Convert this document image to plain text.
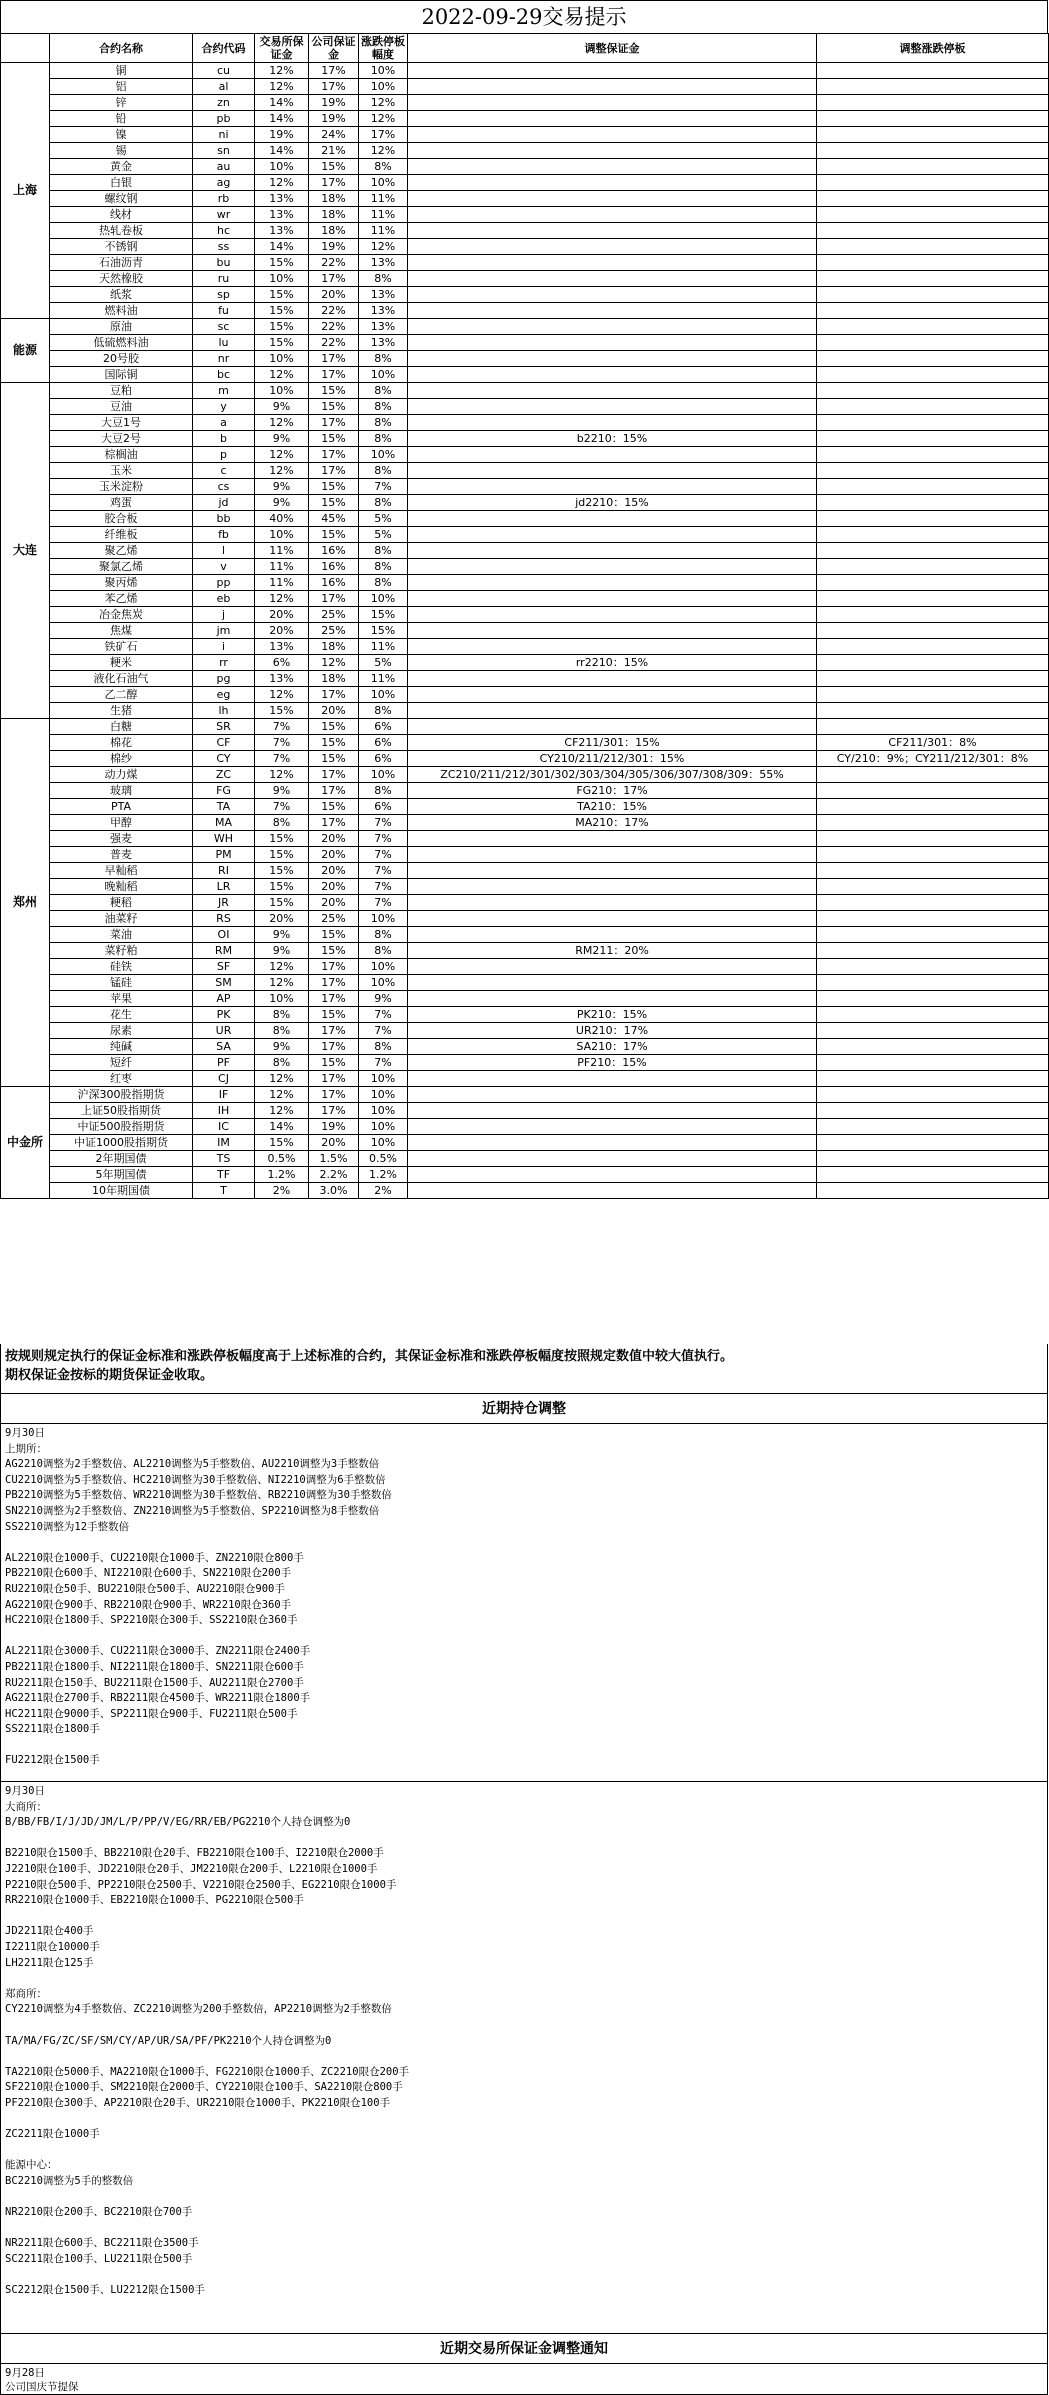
2022-09-29交易提示
	合约名称	合约代码	交易所保证金	公司保证金	涨跌停板幅度	调整保证金	调整涨跌停板
上海	铜	cu	12%	17%	10%		
	铝	al	12%	17%	10%		
	锌	zn	14%	19%	12%		
	铅	pb	14%	19%	12%		
	镍	ni	19%	24%	17%		
	锡	sn	14%	21%	12%		
	黄金	au	10%	15%	8%		
	白银	ag	12%	17%	10%		
	螺纹钢	rb	13%	18%	11%		
	线材	wr	13%	18%	11%		
	热轧卷板	hc	13%	18%	11%		
	不锈钢	ss	14%	19%	12%		
	石油沥青	bu	15%	22%	13%		
	天然橡胶	ru	10%	17%	8%		
	纸浆	sp	15%	20%	13%		
	燃料油	fu	15%	22%	13%		
能源	原油	sc	15%	22%	13%		
	低硫燃料油	lu	15%	22%	13%		
	20号胶	nr	10%	17%	8%		
	国际铜	bc	12%	17%	10%		
大连	豆粕	m	10%	15%	8%		
	豆油	y	9%	15%	8%		
	大豆1号	a	12%	17%	8%		
	大豆2号	b	9%	15%	8%	b2210：15%	
	棕榈油	p	12%	17%	10%		
	玉米	c	12%	17%	8%		
	玉米淀粉	cs	9%	15%	7%		
	鸡蛋	jd	9%	15%	8%	jd2210：15%	
	胶合板	bb	40%	45%	5%		
	纤维板	fb	10%	15%	5%		
	聚乙烯	l	11%	16%	8%		
	聚氯乙烯	v	11%	16%	8%		
	聚丙烯	pp	11%	16%	8%		
	苯乙烯	eb	12%	17%	10%		
	冶金焦炭	j	20%	25%	15%		
	焦煤	jm	20%	25%	15%		
	铁矿石	i	13%	18%	11%		
	粳米	rr	6%	12%	5%	rr2210：15%	
	液化石油气	pg	13%	18%	11%		
	乙二醇	eg	12%	17%	10%		
	生猪	lh	15%	20%	8%		
郑州	白糖	SR	7%	15%	6%		
	棉花	CF	7%	15%	6%	CF211/301：15%	CF211/301：8%
	棉纱	CY	7%	15%	6%	CY210/211/212/301：15%	CY/210：9%；CY211/212/301：8%
	动力煤	ZC	12%	17%	10%	ZC210/211/212/301/302/303/304/305/306/307/308/309：55%	
	玻璃	FG	9%	17%	8%	FG210：17%	
	PTA	TA	7%	15%	6%	TA210：15%	
	甲醇	MA	8%	17%	7%	MA210：17%	
	强麦	WH	15%	20%	7%		
	普麦	PM	15%	20%	7%		
	早籼稻	RI	15%	20%	7%		
	晚籼稻	LR	15%	20%	7%		
	粳稻	JR	15%	20%	7%		
	油菜籽	RS	20%	25%	10%		
	菜油	OI	9%	15%	8%		
	菜籽粕	RM	9%	15%	8%	RM211：20%	
	硅铁	SF	12%	17%	10%		
	锰硅	SM	12%	17%	10%		
	苹果	AP	10%	17%	9%		
	花生	PK	8%	15%	7%	PK210：15%	
	尿素	UR	8%	17%	7%	UR210：17%	
	纯碱	SA	9%	17%	8%	SA210：17%	
	短纤	PF	8%	15%	7%	PF210：15%	
	红枣	CJ	12%	17%	10%		
中金所	沪深300股指期货	IF	12%	17%	10%		
	上证50股指期货	IH	12%	17%	10%		
	中证500股指期货	IC	14%	19%	10%		
	中证1000股指期货	IM	15%	20%	10%		
	2年期国债	TS	0.5%	1.5%	0.5%		
	5年期国债	TF	1.2%	2.2%	1.2%		
	10年期国债	T	2%	3.0%	2%		
按规则规定执行的保证金标准和涨跌停板幅度高于上述标准的合约，其保证金标准和涨跌停板幅度按照规定数值中较大值执行。
期权保证金按标的期货保证金收取。
近期持仓调整
9月30日
上期所：
AG2210调整为2手整数倍、AL2210调整为5手整数倍、AU2210调整为3手整数倍
CU2210调整为5手整数倍、HC2210调整为30手整数倍、NI2210调整为6手整数倍
PB2210调整为5手整数倍、WR2210调整为30手整数倍、RB2210调整为30手整数倍
SN2210调整为2手整数倍、ZN2210调整为5手整数倍、SP2210调整为8手整数倍
SS2210调整为12手整数倍
AL2210限仓1000手、CU2210限仓1000手、ZN2210限仓800手
PB2210限仓600手、NI2210限仓600手、SN2210限仓200手
RU2210限仓50手、BU2210限仓500手、AU2210限仓900手
AG2210限仓900手、RB2210限仓900手、WR2210限仓360手
HC2210限仓1800手、SP2210限仓300手、SS2210限仓360手
AL2211限仓3000手、CU2211限仓3000手、ZN2211限仓2400手
PB2211限仓1800手、NI2211限仓1800手、SN2211限仓600手
RU2211限仓150手、BU2211限仓1500手、AU2211限仓2700手
AG2211限仓2700手、RB2211限仓4500手、WR2211限仓1800手
HC2211限仓9000手、SP2211限仓900手、FU2211限仓500手
SS2211限仓1800手
FU2212限仓1500手
9月30日
大商所：
B/BB/FB/I/J/JD/JM/L/P/PP/V/EG/RR/EB/PG2210个人持仓调整为0
B2210限仓1500手、BB2210限仓20手、FB2210限仓100手、I2210限仓2000手
J2210限仓100手、JD2210限仓20手、JM2210限仓200手、L2210限仓1000手
P2210限仓500手、PP2210限仓2500手、V2210限仓2500手、EG2210限仓1000手
RR2210限仓1000手、EB2210限仓1000手、PG2210限仓500手
JD2211限仓400手
I2211限仓10000手
LH2211限仓125手
郑商所：
CY2210调整为4手整数倍、ZC2210调整为200手整数倍，AP2210调整为2手整数倍
TA/MA/FG/ZC/SF/SM/CY/AP/UR/SA/PF/PK2210个人持仓调整为0
TA2210限仓5000手、MA2210限仓1000手、FG2210限仓1000手、ZC2210限仓200手
SF2210限仓1000手、SM2210限仓2000手、CY2210限仓100手、SA2210限仓800手
PF2210限仓300手、AP2210限仓20手、UR2210限仓1000手、PK2210限仓100手
ZC2211限仓1000手
能源中心：
BC2210调整为5手的整数倍
NR2210限仓200手、BC2210限仓700手
NR2211限仓600手、BC2211限仓3500手
SC2211限仓100手、LU2211限仓500手
SC2212限仓1500手、LU2212限仓1500手
近期交易所保证金调整通知
9月28日
公司国庆节提保
